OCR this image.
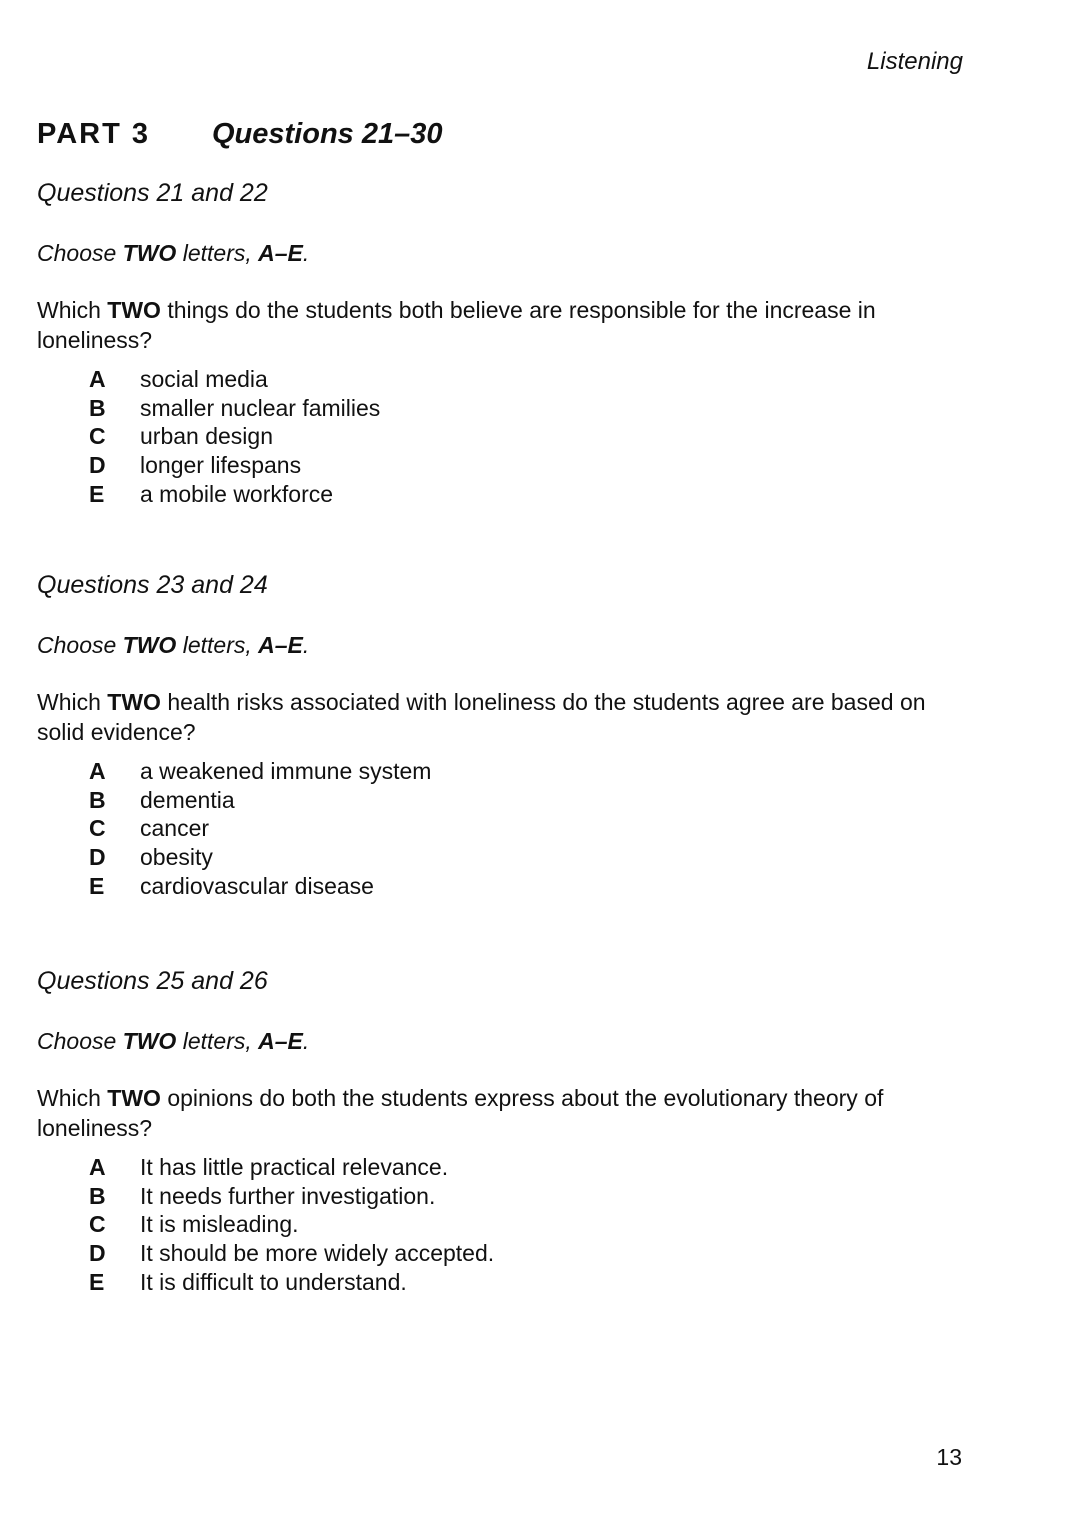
Listening
PART 3 Questions 21–30
Questions 21 and 22
Choose TWO letters, A–E.
Which TWO things do the students both believe are responsible for the increase in loneliness?
A	social media
B	smaller nuclear families
C	urban design
D	longer lifespans
E	a mobile workforce
Questions 23 and 24
Choose TWO letters, A–E.
Which TWO health risks associated with loneliness do the students agree are based on solid evidence?
A	a weakened immune system
B	dementia
C	cancer
D	obesity
E	cardiovascular disease
Questions 25 and 26
Choose TWO letters, A–E.
Which TWO opinions do both the students express about the evolutionary theory of loneliness?
A	It has little practical relevance.
B	It needs further investigation.
C	It is misleading.
D	It should be more widely accepted.
E	It is difficult to understand.
13
